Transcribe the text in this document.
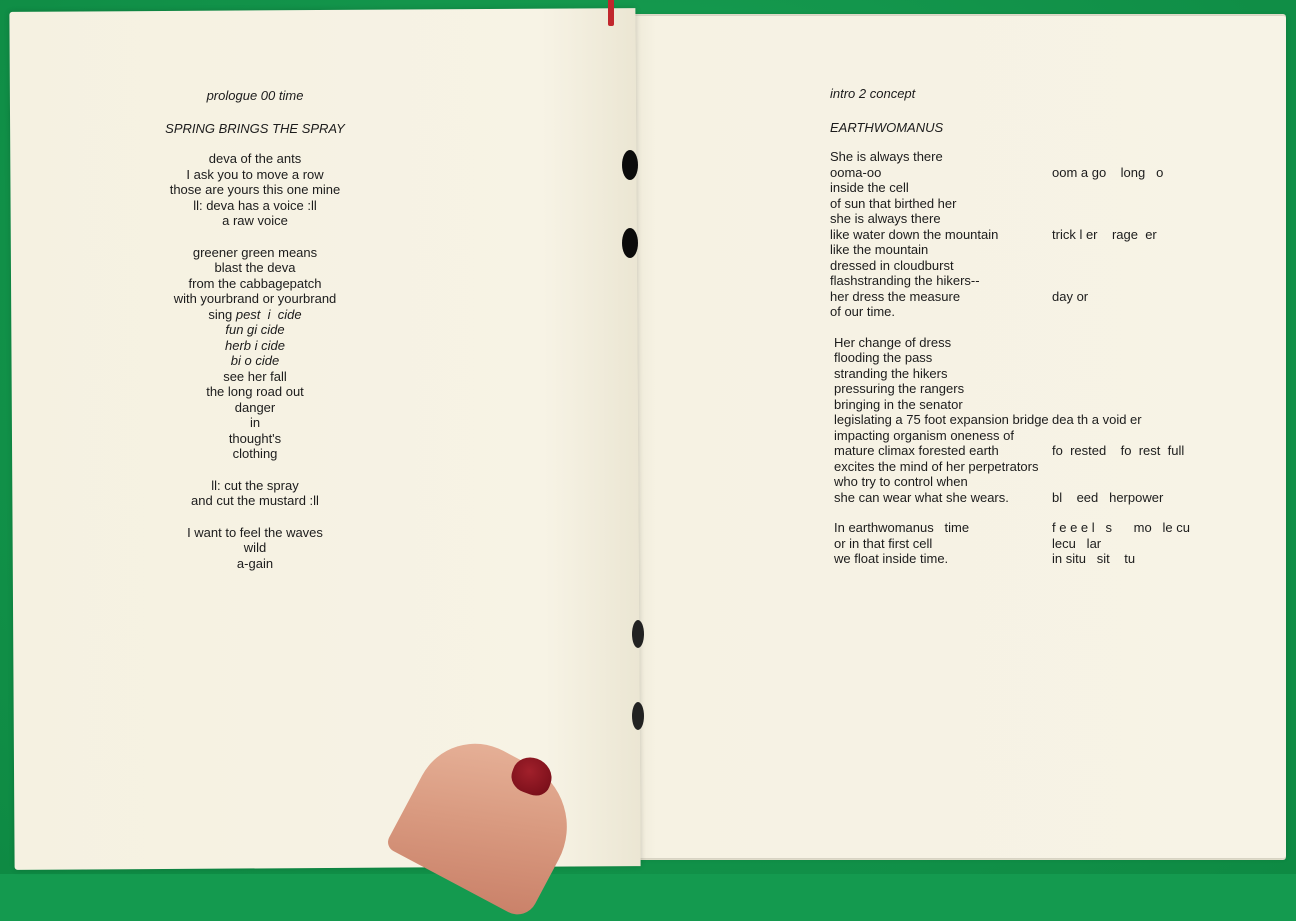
prologue 00 time
SPRING BRINGS THE SPRAY
deva of the ants
I ask you to move a row
those are yours this one mine
ll: deva has a voice :ll
a raw voice
greener green means
blast the deva
from the cabbagepatch
with yourbrand or yourbrand
sing pest  i  cide
fun gi cide
herb i cide
bi o cide
see her fall
the long road out
danger
in
thought's
clothing
ll: cut the spray
and cut the mustard :ll
I want to feel the waves
wild
a-gain
intro 2 concept
EARTHWOMANUS
She is always there
ooma-oo	oom a go    long   o
inside the cell
of sun that birthed her
she is always there
like water down the mountain	trick l er    rage  er
like the mountain
dressed in cloudburst
flashstranding the hikers--
her dress the measure	day or
of our time.
Her change of dress
flooding the pass
stranding the hikers
pressuring the rangers
bringing in the senator
legislating a 75 foot expansion bridge dea th a void er
impacting organism oneness of
mature climax forested earth	fo  rested    fo  rest  full
excites the mind of her perpetrators
who try to control when
she can wear what she wears.	bl    eed   herpower
In earthwomanus   time	f e e e l   s      mo   le cu
or in that first cell	lecu   lar
we float inside time.	in situ   sit    tu
